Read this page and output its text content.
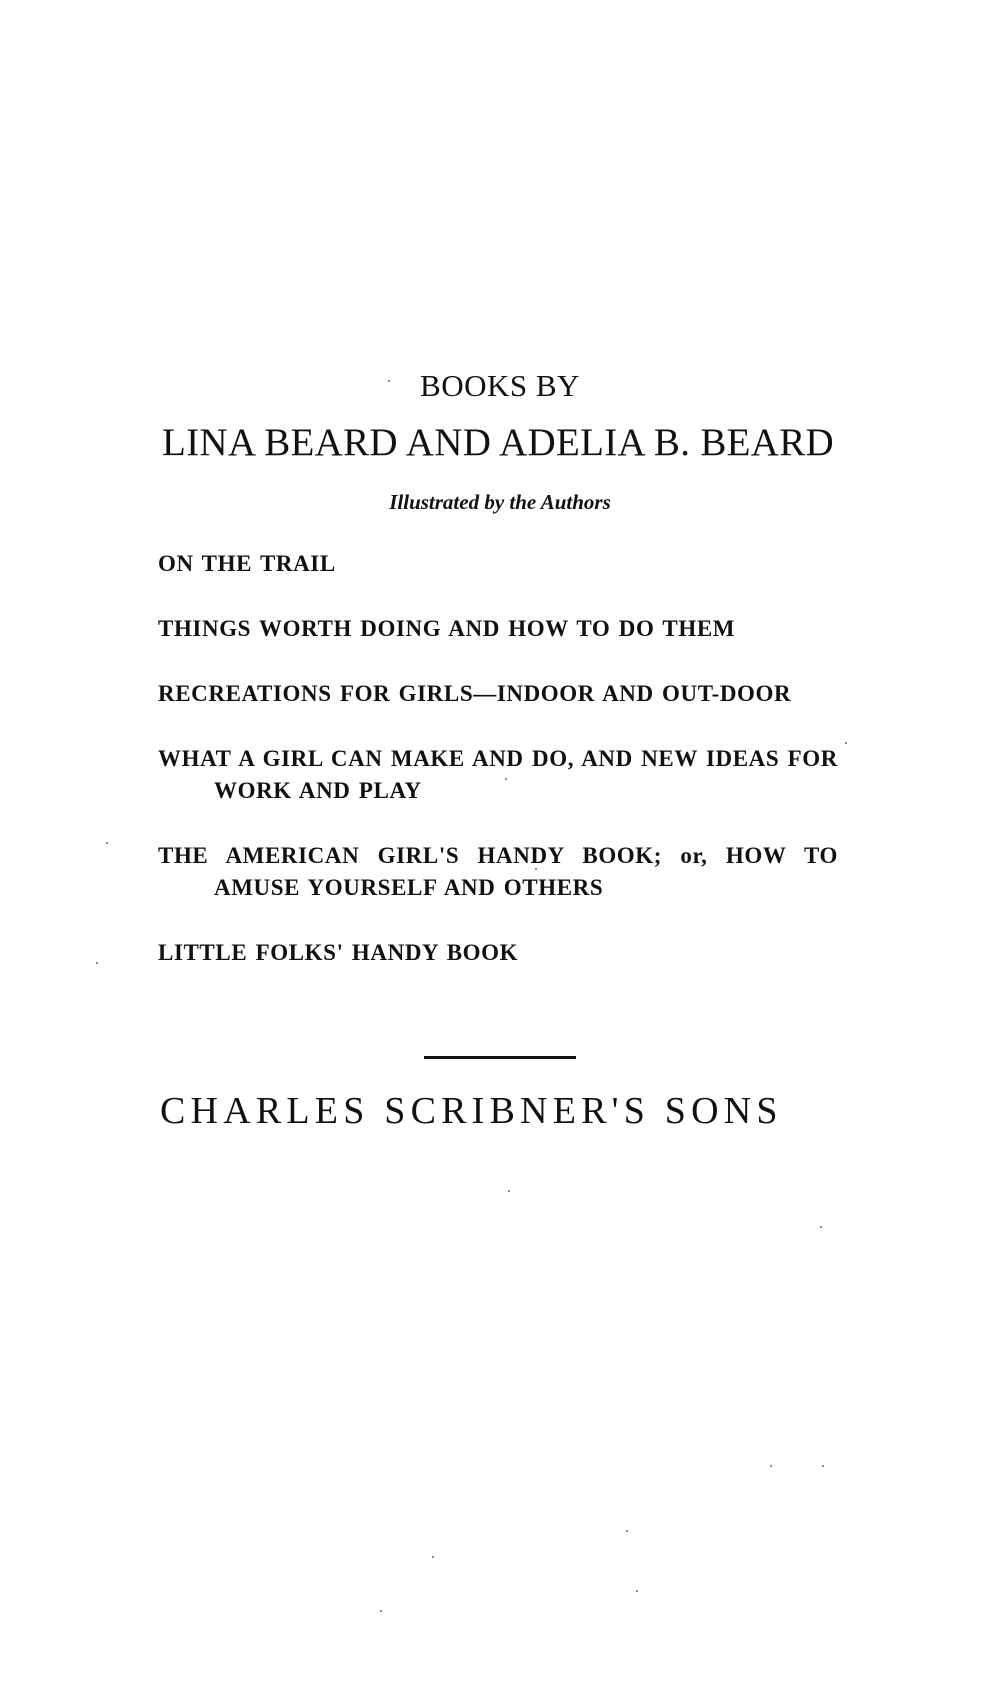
BOOKS BY
LINA BEARD AND ADELIA B. BEARD
Illustrated by the Authors
ON THE TRAIL
THINGS WORTH DOING AND HOW TO DO THEM
RECREATIONS FOR GIRLS—INDOOR AND OUT-DOOR
WHAT A GIRL CAN MAKE AND DO, AND NEW IDEAS FOR WORK AND PLAY
THE AMERICAN GIRL'S HANDY BOOK; or, HOW TO AMUSE YOURSELF AND OTHERS
LITTLE FOLKS' HANDY BOOK
CHARLES SCRIBNER'S SONS
